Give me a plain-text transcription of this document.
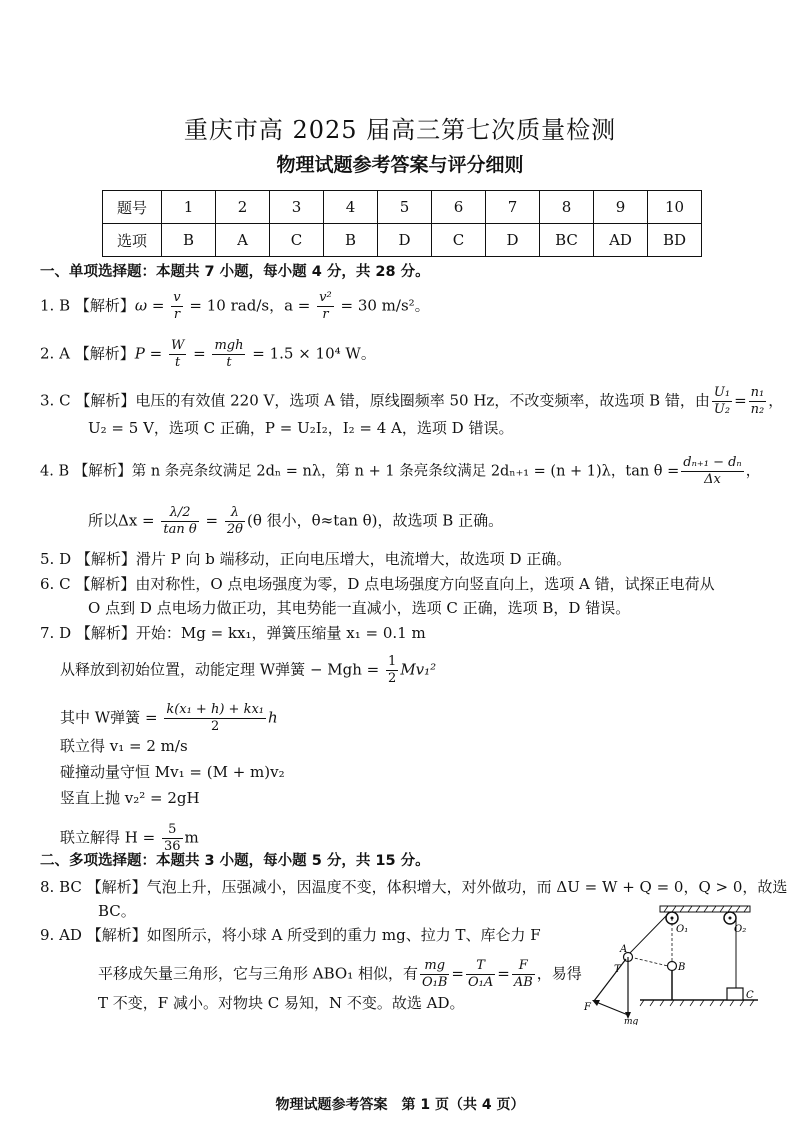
重庆市高 2025 届高三第七次质量检测
物理试题参考答案与评分细则
题号	1	2	3	4	5	6	7	8	9	10
选项	B	A	C	B	D	C	D	BC	AD	BD
一、单项选择题：本题共 7 小题，每小题 4 分，共 28 分。
1. B 【解析】$\omega = \frac{v}{r} = 10$ rad/s，$a = \frac{\text{v²}}{r} = 30$ m/s²。
2. A 【解析】$P = \frac{W}{t} = \frac{\text{mgh}}{t} = 1.5 \times 10^4$ W。
3. C 【解析】电压的有效值 220 V，选项 A 错，原线圈频率 50 Hz，不改变频率，故选项 B 错，由 $\frac{\text{U₁}}{\text{U₂}} = \frac{\text{n₁}}{\text{n₂}}$ ，
U₂ = 5 V，选项 C 正确，P = U₂I₂，I₂ = 4 A，选项 D 错误。
4. B 【解析】第 n 条亮条纹满足 2dₙ = nλ，第 n + 1 条亮条纹满足 2dₙ₊₁ = (n + 1)λ，$\tan \theta = \frac{\text{dₙ₊₁ − dₙ}}{\Delta x}$ ，
所以$\Delta x = \frac{\lambda/2}{\text{tan θ}} = \frac{\lambda}{2\theta} (\theta$ 很小，θ≈tan θ)，故选项 B 正确。
5. D 【解析】滑片 P 向 b 端移动，正向电压增大，电流增大，故选项 D 正确。
6. C 【解析】由对称性，O 点电场强度为零，D 点电场强度方向竖直向上，选项 A 错，试探正电荷从
O 点到 D 点电场力做正功，其电势能一直减小，选项 C 正确，选项 B，D 错误。
7. D 【解析】开始：Mg = kx₁，弹簧压缩量 x₁ = 0.1 m
从释放到初始位置，动能定理 W弹簧 − Mgh = $\frac{1}{2} Mv_1^2$
其中 W弹簧 = $\frac{\text{k(x₁ + h) + kx₁}}{2}$ h
联立得 v₁ = 2 m/s
碰撞动量守恒 Mv₁ = (M + m)v₂
竖直上抛 v₂² = 2gH
联立解得 $H = \frac{5}{36}$ m
二、多项选择题：本题共 3 小题，每小题 5 分，共 15 分。
8. BC 【解析】气泡上升，压强减小，因温度不变，体积增大，对外做功，而 ΔU = W + Q = 0，Q > 0，故选
BC。
9. AD 【解析】如图所示，将小球 A 所受到的重力 mg、拉力 T、库仑力 F
平移成矢量三角形，它与三角形 ABO₁ 相似，有 $\frac{mg}{\text{O₁B}} = \frac{T}{\text{O₁A}} = \frac{F}{AB}$ ，易得
T 不变，F 减小。对物块 C 易知，N 不变。故选 AD。
O₁	O₂
A
T	B
F
C
mg
物理试题参考答案　第 1 页（共 4 页）
